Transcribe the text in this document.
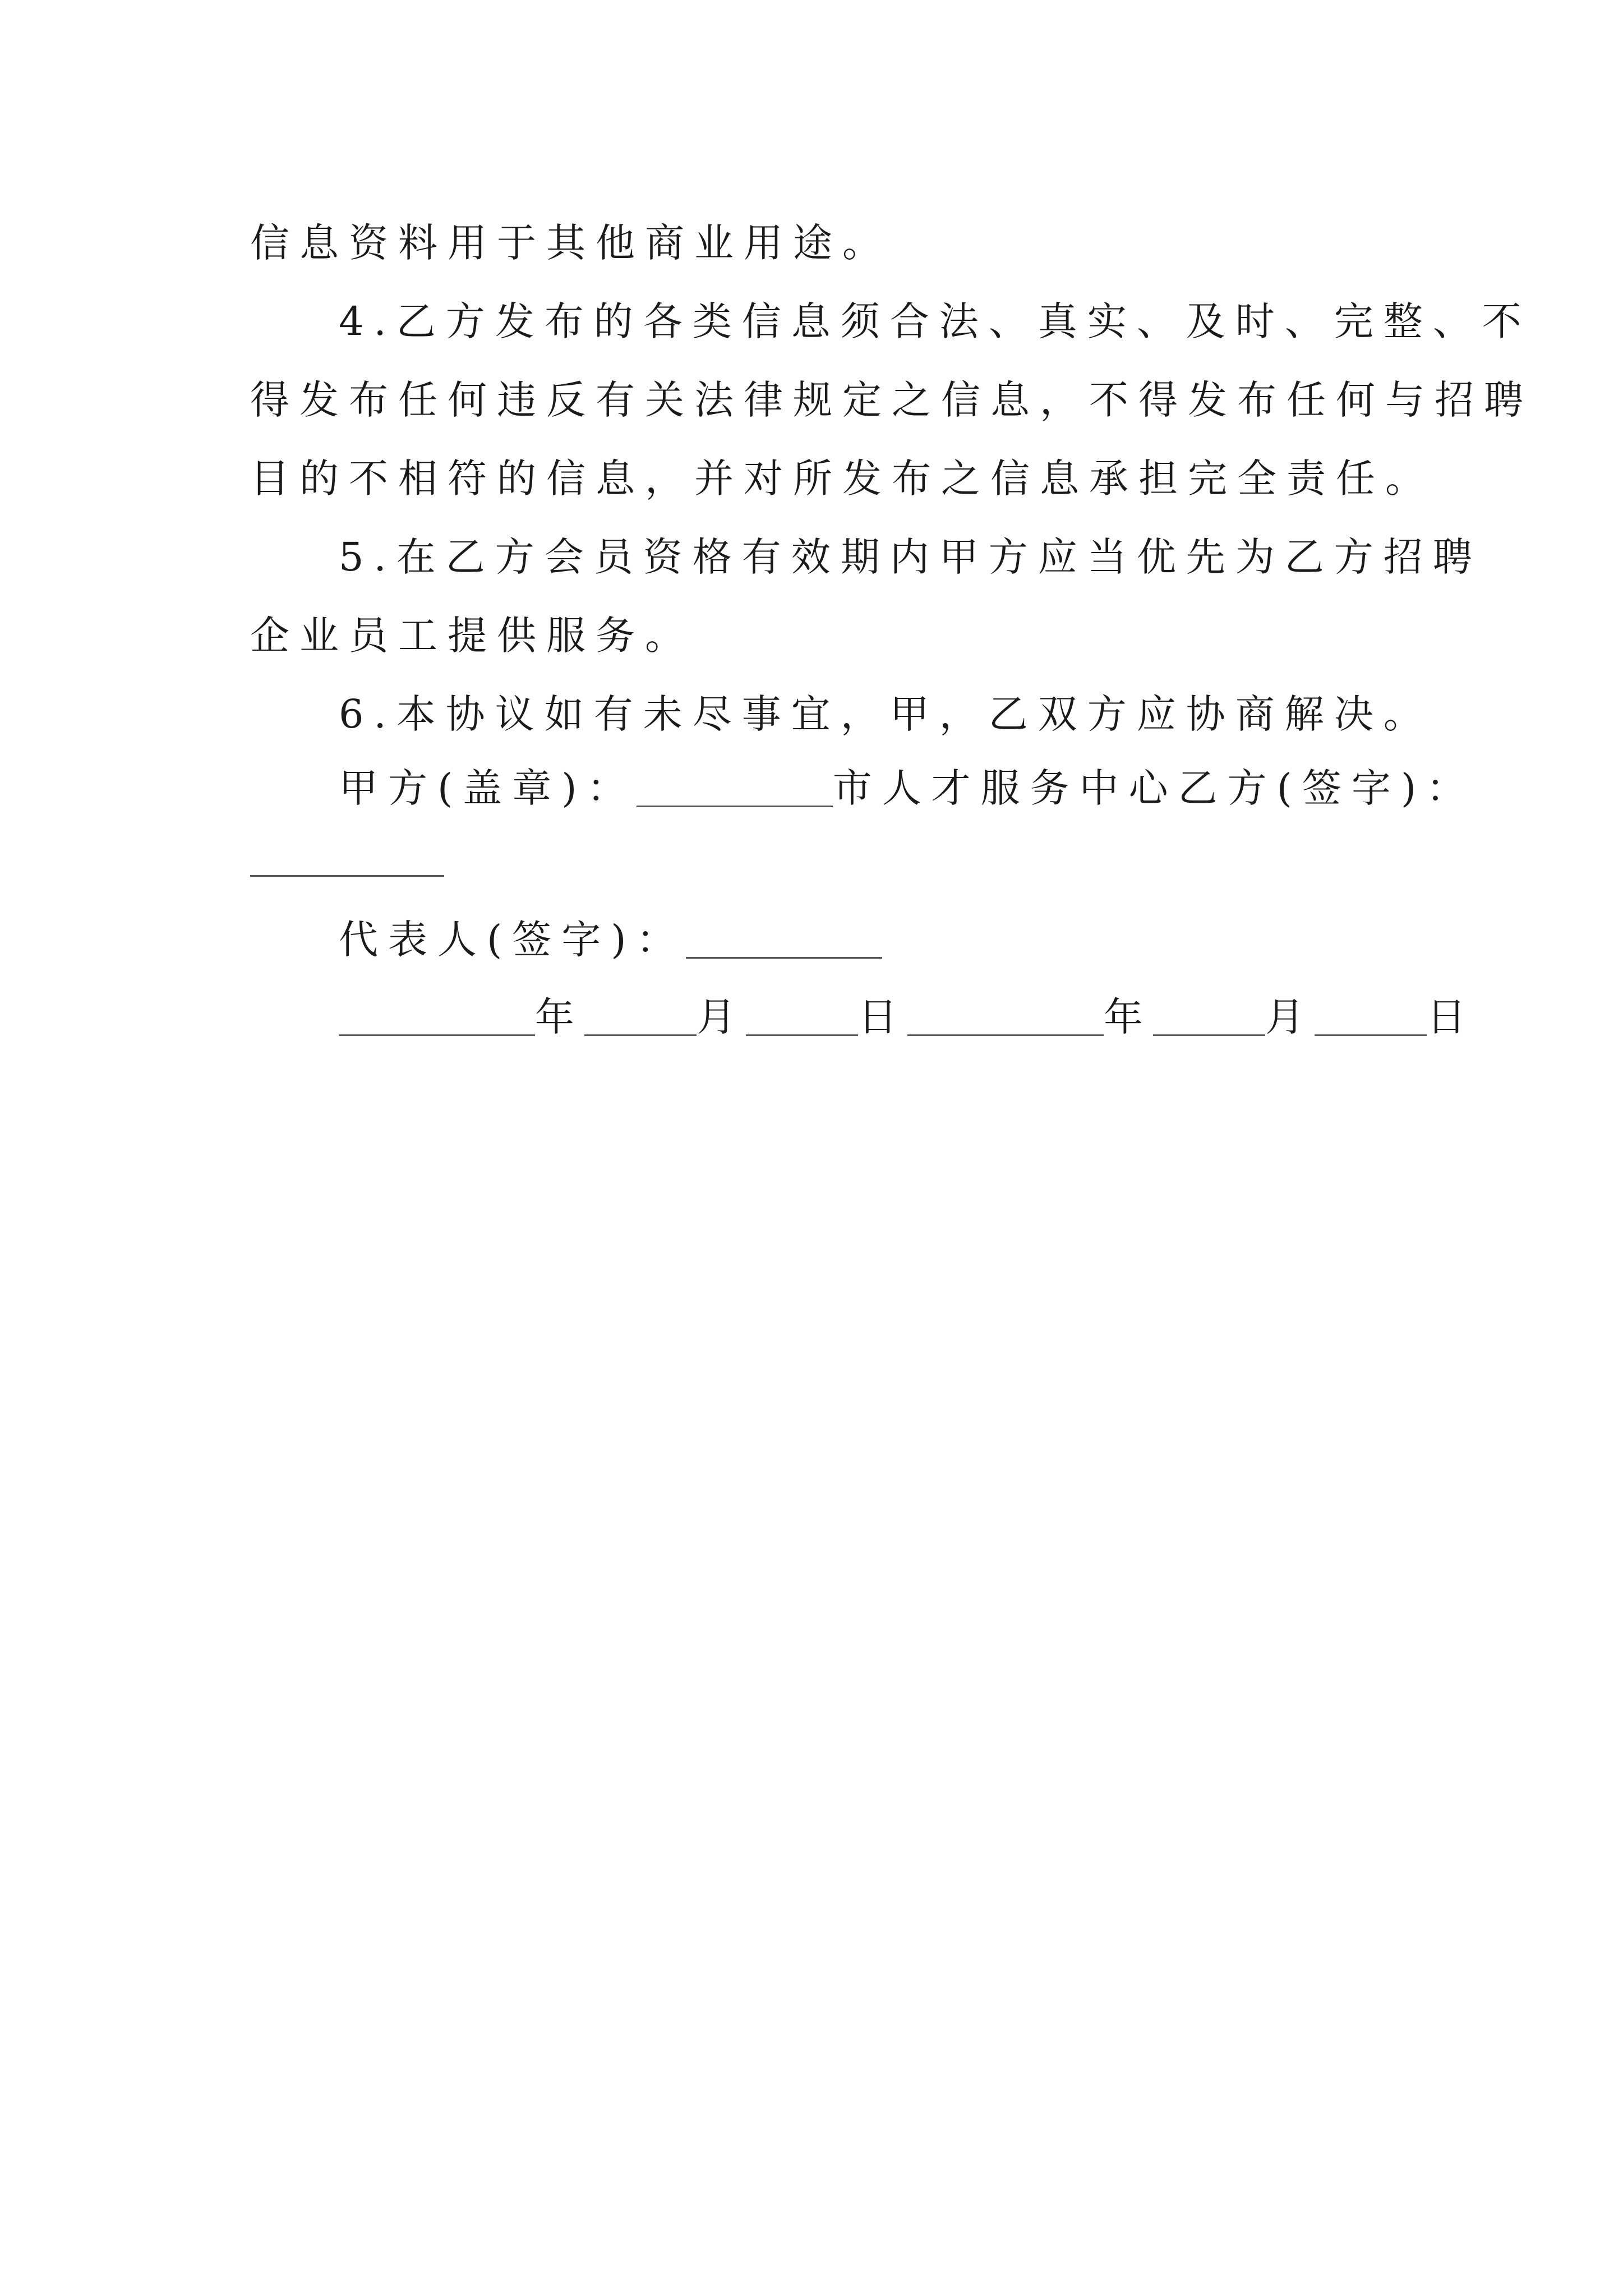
信息资料用于其他商业用途。
4.乙方发布的各类信息须合法、真实、及时、完整、不
得发布任何违反有关法律规定之信息，不得发布任何与招聘
目的不相符的信息，并对所发布之信息承担完全责任。
5.在乙方会员资格有效期内甲方应当优先为乙方招聘
企业员工提供服务。
6.本协议如有未尽事宜，甲，乙双方应协商解决。
甲方(盖章)：	市人才服务中心乙方(签字)：
代表人(签字)：
年	月	日	年	月	日
